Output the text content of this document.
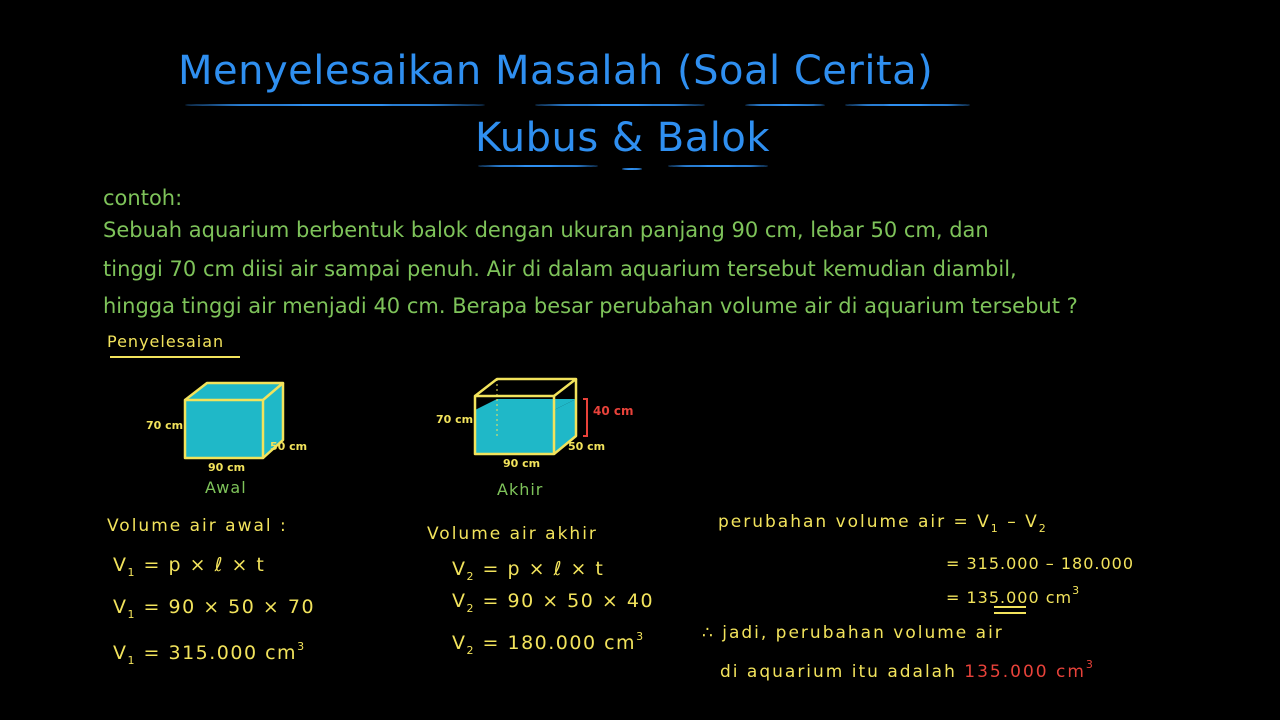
Menyelesaikan Masalah (Soal Cerita)
Kubus & Balok
contoh:
Sebuah aquarium berbentuk balok dengan ukuran panjang 90 cm, lebar 50 cm, dan
tinggi 70 cm diisi air sampai penuh. Air di dalam aquarium tersebut kemudian diambil,
hingga tinggi air menjadi 40 cm. Berapa besar perubahan volume air di aquarium tersebut ?
Penyelesaian
70 cm
50 cm
90 cm
Awal
70 cm
50 cm
90 cm
40 cm
Akhir
Volume air awal :
$V_1 = p$ × ℓ × t
$V_1 = 90 \times 50 \times 70$
$V_1 = 315.000$ $cm^3$
Volume air akhir
$V_2 = p$ × ℓ × t
$V_2 = 90 \times 50 \times 40$
$V_2 = 180.000$ $cm^3$
perubahan volume air = $V_1 - V_2$
= 315.000 – 180.000
= 135.000 $cm^3$
∴ jadi, perubahan volume air
di aquarium itu adalah 135.000 $cm^3$
